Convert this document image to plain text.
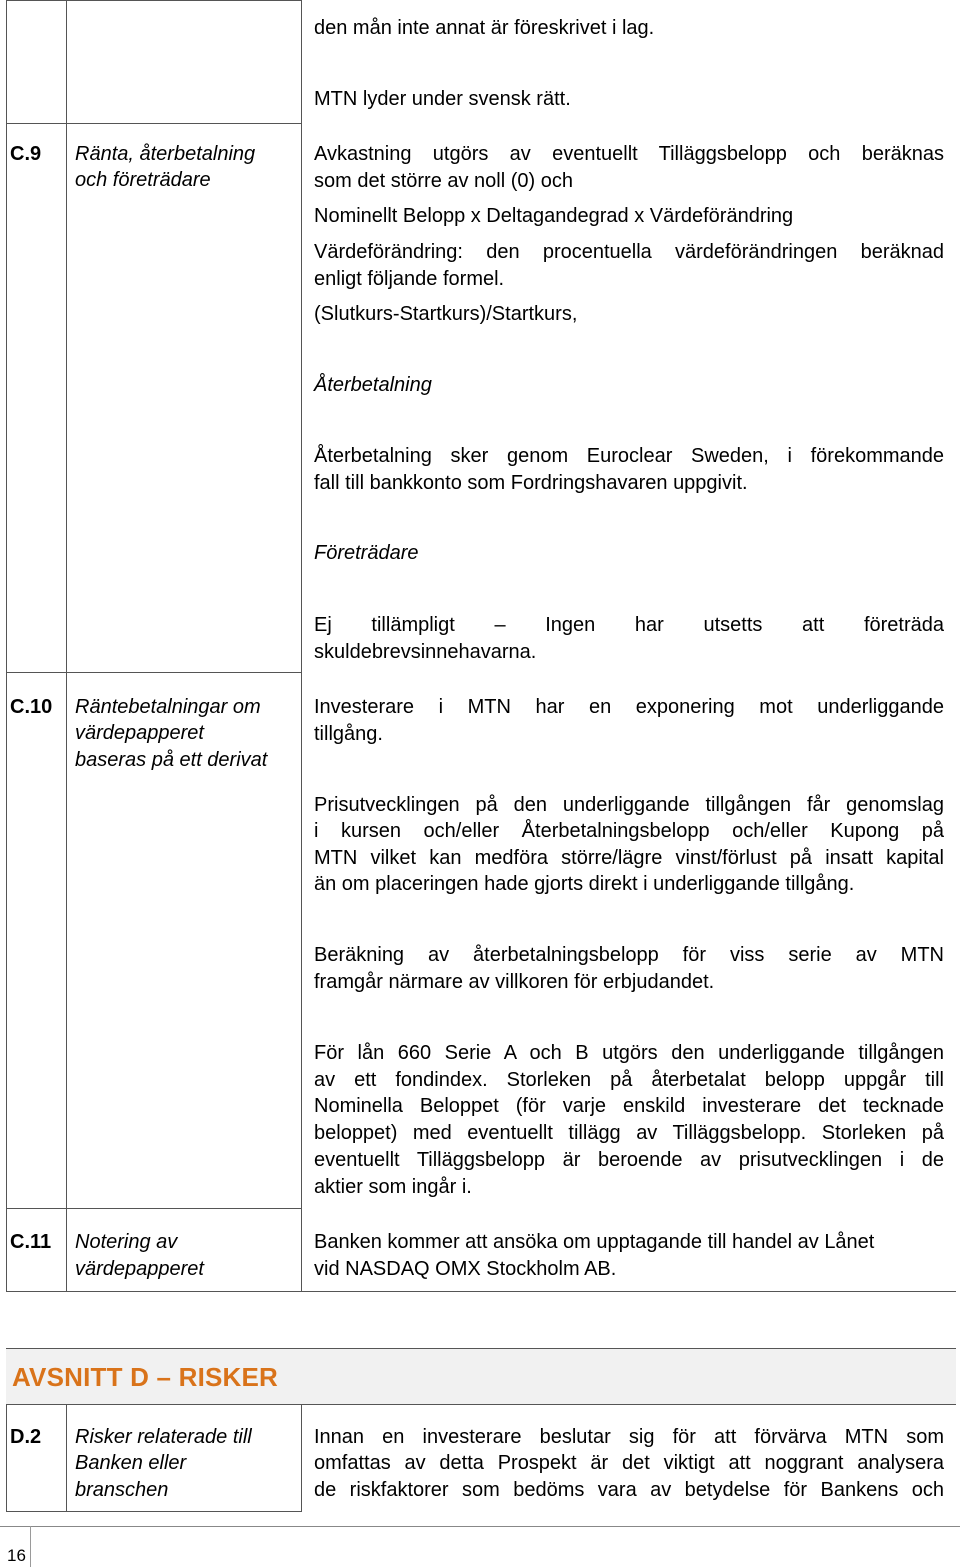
den mån inte annat är föreskrivet i lag.
MTN lyder under svensk rätt.
C.9 Ränta, återbetalning
och företrädare
Avkastning utgörs av eventuellt Tilläggsbelopp och beräknas
som det större av noll (0) och
Nominellt Belopp x Deltagandegrad x Värdeförändring
Värdeförändring: den procentuella värdeförändringen beräknad
enligt följande formel.
(Slutkurs-Startkurs)/Startkurs,
Återbetalning
Återbetalning sker genom Euroclear Sweden, i förekommande
fall till bankkonto som Fordringshavaren uppgivit.
Företrädare
Ej tillämpligt – Ingen har utsetts att företräda
skuldebrevsinnehavarna.
C.10 Räntebetalningar om
värdepapperet
baseras på ett derivat
Investerare i MTN har en exponering mot underliggande
tillgång.
Prisutvecklingen på den underliggande tillgången får genomslag
i kursen och/eller Återbetalningsbelopp och/eller Kupong på
MTN vilket kan medföra större/lägre vinst/förlust på insatt kapital
än om placeringen hade gjorts direkt i underliggande tillgång.
Beräkning av återbetalningsbelopp för viss serie av MTN
framgår närmare av villkoren för erbjudandet.
För lån 660 Serie A och B utgörs den underliggande tillgången
av ett fondindex. Storleken på återbetalat belopp uppgår till
Nominella Beloppet (för varje enskild investerare det tecknade
beloppet) med eventuellt tillägg av Tilläggsbelopp. Storleken på
eventuellt Tilläggsbelopp är beroende av prisutvecklingen i de
aktier som ingår i.
C.11 Notering av
värdepapperet
Banken kommer att ansöka om upptagande till handel av Lånet
vid NASDAQ OMX Stockholm AB.
AVSNITT D – RISKER
D.2 Risker relaterade till
Banken eller
branschen
Innan en investerare beslutar sig för att förvärva MTN som
omfattas av detta Prospekt är det viktigt att noggrant analysera
de riskfaktorer som bedöms vara av betydelse för Bankens och
16
